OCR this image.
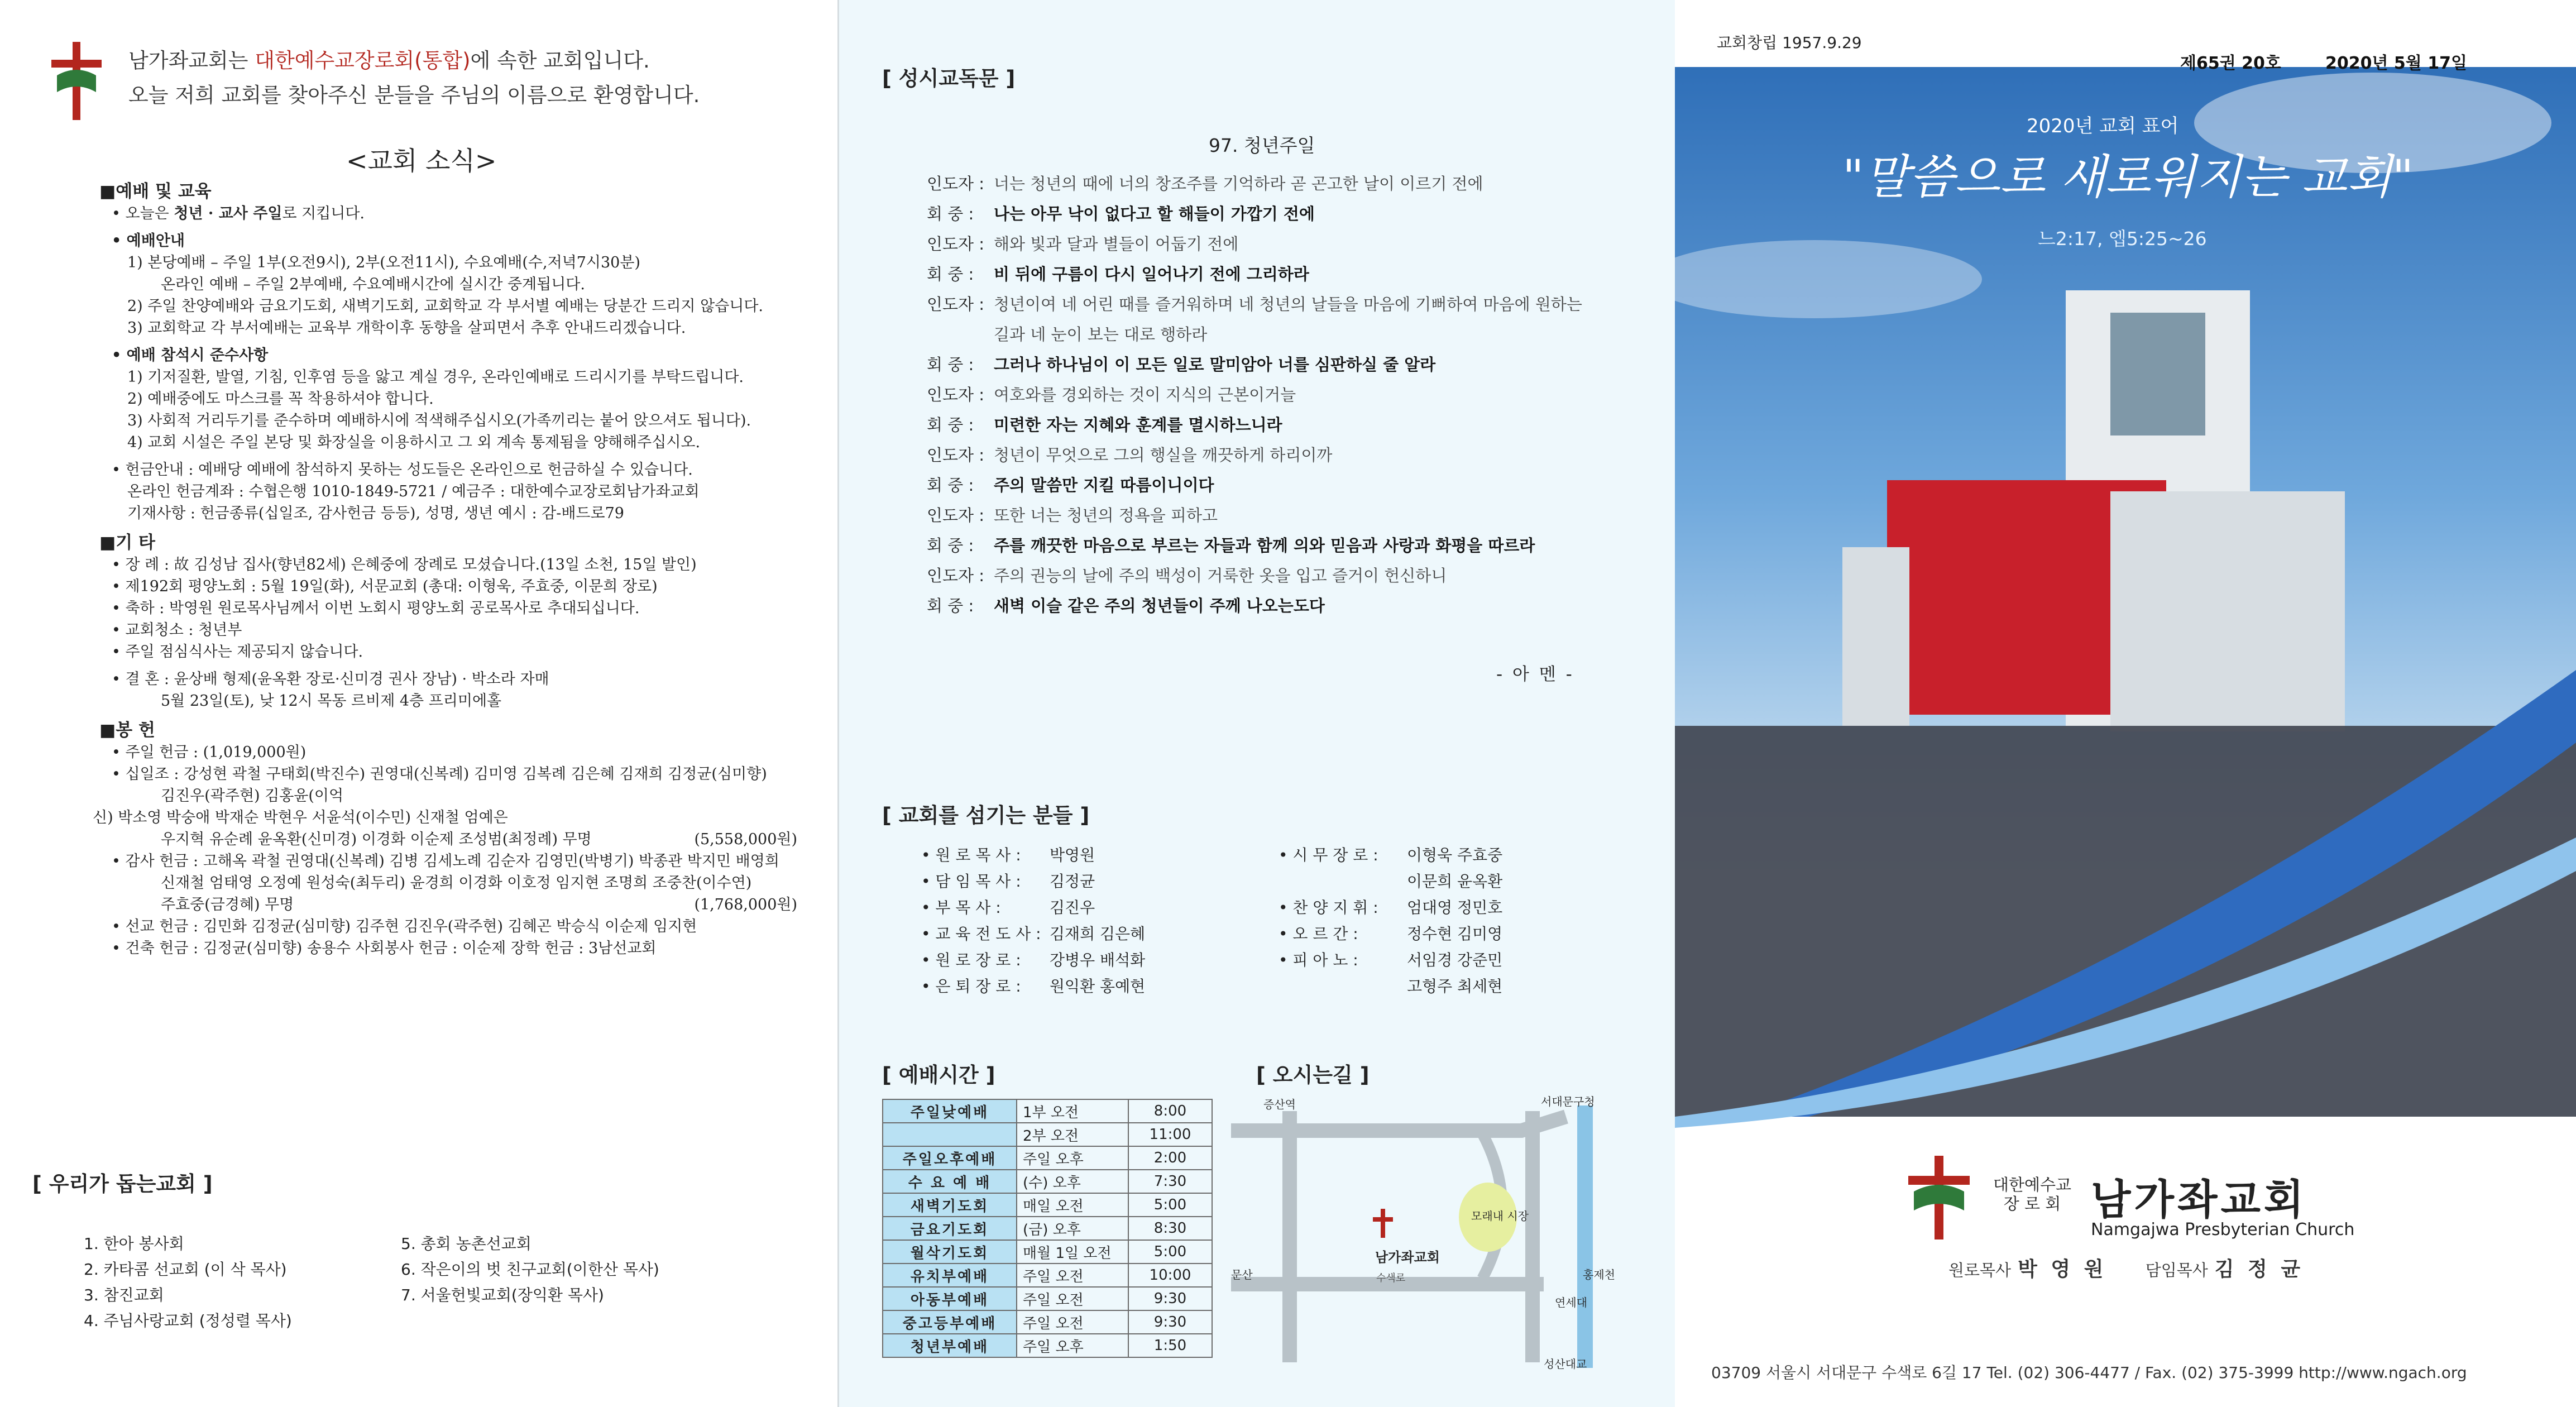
남가좌교회는 대한예수교장로회(통합)에 속한 교회입니다.
오늘 저희 교회를 찾아주신 분들을 주님의 이름으로 환영합니다.
<교회 소식>
■ 예배 및 교육
• 오늘은 청년 · 교사 주일로 지킵니다.
• 예배안내
1) 본당예배 – 주일 1부(오전9시), 2부(오전11시), 수요예배(수,저녁7시30분)
온라인 예배 – 주일 2부예배, 수요예배시간에 실시간 중계됩니다.
2) 주일 찬양예배와 금요기도회, 새벽기도회, 교회학교 각 부서별 예배는 당분간 드리지 않습니다.
3) 교회학교 각 부서예배는 교육부 개학이후 동향을 살피면서 추후 안내드리겠습니다.
• 예배 참석시 준수사항
1) 기저질환, 발열, 기침, 인후염 등을 앓고 계실 경우, 온라인예배로 드리시기를 부탁드립니다.
2) 예배중에도 마스크를 꼭 착용하셔야 합니다.
3) 사회적 거리두기를 준수하며 예배하시에 적색해주십시오(가족끼리는 붙어 앉으셔도 됩니다).
4) 교회 시설은 주일 본당 및 화장실을 이용하시고 그 외 계속 통제됨을 양해해주십시오.
• 헌금안내 : 예배당 예배에 참석하지 못하는 성도들은 온라인으로 헌금하실 수 있습니다.
온라인 헌금계좌 : 수협은행 1010-1849-5721 / 예금주 : 대한예수교장로회남가좌교회
기재사항 : 헌금종류(십일조, 감사헌금 등등), 성명, 생년 예시 : 감-배드로79
■ 기 타
• 장 례 : 故 김성남 집사(향년82세) 은혜중에 장례로 모셨습니다.(13일 소천, 15일 발인)
• 제192회 평양노회 : 5월 19일(화), 서문교회 (총대: 이형욱, 주효중, 이문희 장로)
• 축하 : 박영원 원로목사님께서 이번 노회시 평양노회 공로목사로 추대되십니다.
• 교회청소 : 청년부
• 주일 점심식사는 제공되지 않습니다.
• 결 혼 : 윤상배 형제(윤옥환 장로·신미경 권사 장남) · 박소라 자매
5월 23일(토), 낮 12시 목동 르비제 4층 프리미에홀
■ 봉 헌
• 주일 헌금 : (1,019,000원)
• 십일조 : 강성현 곽철 구태회(박진수) 권영대(신복례) 김미영 김복례 김은혜 김재희 김정균(심미향)
김진우(곽주현) 김홍윤(이억
신) 박소영 박숭애 박재순 박현우 서윤석(이수민) 신재철 엄예은
우지혁 유순례 윤옥환(신미경) 이경화 이순제 조성범(최정례) 무명	(5,558,000원)
• 감사 헌금 : 고해옥 곽철 권영대(신복례) 김병 김세노례 김순자 김영민(박병기) 박종관 박지민 배영희
신재철 엄태영 오정예 원성숙(최두리) 윤경희 이경화 이호정 임지현 조명희 조중찬(이수연)
주효중(금경혜) 무명	(1,768,000원)
• 선교 헌금 : 김민화 김정균(심미향) 김주현 김진우(곽주현) 김혜곤 박승식 이순제 임지현
• 건축 헌금 : 김정균(심미향) 송용수 사회봉사 헌금 : 이순제 장학 헌금 : 3남선교회
[ 우리가 돕는교회 ]
1. 한아 봉사회
2. 카타콤 선교회 (이 삭 목사)
3. 참진교회
4. 주님사랑교회 (정성렬 목사)
5. 총회 농촌선교회
6. 작은이의 벗 친구교회(이한산 목사)
7. 서울헌빛교회(장익환 목사)
[ 성시교독문 ]
97. 청년주일
인도자 : 너는 청년의 때에 너의 창조주를 기억하라 곧 곤고한 날이 이르기 전에
회 중 :	나는 아무 낙이 없다고 할 해들이 가깝기 전에
인도자 : 해와 빛과 달과 별들이 어둡기 전에
회 중 :	비 뒤에 구름이 다시 일어나기 전에 그리하라
인도자 : 청년이여 네 어린 때를 즐거워하며 네 청년의 날들을 마음에 기뻐하여 마음에 원하는
길과 네 눈이 보는 대로 행하라
회 중 :	그러나 하나님이 이 모든 일로 말미암아 너를 심판하실 줄 알라
인도자 : 여호와를 경외하는 것이 지식의 근본이거늘
회 중 :	미련한 자는 지혜와 훈계를 멸시하느니라
인도자 : 청년이 무엇으로 그의 행실을 깨끗하게 하리이까
회 중 :	주의 말씀만 지킬 따름이니이다
인도자 : 또한 너는 청년의 정욕을 피하고
회 중 :	주를 깨끗한 마음으로 부르는 자들과 함께 의와 믿음과 사랑과 화평을 따르라
인도자 : 주의 권능의 날에 주의 백성이 거룩한 옷을 입고 즐거이 헌신하니
회 중 :	새벽 이슬 같은 주의 청년들이 주께 나오는도다
- 아 멘 -
[ 교회를 섬기는 분들 ]
• 원 로 목 사 :	박영원
• 담 임 목 사 :	김정균
• 부 목 사 :	김진우
• 교 육 전 도 사 : 김재희 김은혜
• 원 로 장 로 :	강병우 배석화
• 은 퇴 장 로 :	원익환 홍예현
• 시 무 장 로 :	이형욱 주효중
이문희 윤옥환
• 찬 양 지 휘 :	엄대영 정민호
• 오 르 간 :	정수현 김미영
• 피 아 노 :	서임경 강준민
고형주 최세현
[ 예배시간 ]
주일낮예배	1부 오전	8:00
	2부 오전	11:00
주일오후예배	주일 오후	2:00
수 요 예 배	(수) 오후	7:30
새벽기도회	매일 오전	5:00
금요기도회	(금) 오후	8:30
월삭기도회	매월 1일 오전	5:00
유치부예배	주일 오전	10:00
아동부예배	주일 오전	9:30
중고등부예배	주일 오전	9:30
청년부예배	주일 오후	1:50
[ 오시는길 ]
남가좌교회
모래내 시장
증산역	서대문구청
홍제천
연세대
성산대교
문산	수색로
교회창립 1957.9.29
제65권 20호	2020년 5월 17일
2020년 교회 표어
"말씀으로 새로워지는 교회"
느2:17, 엡5:25~26
대한예수교
장 로 회 남가좌교회
Namgajwa Presbyterian Church
원로목사 박 영 원 담임목사 김 정 균
03709 서울시 서대문구 수색로 6길 17 Tel. (02) 306-4477 / Fax. (02) 375-3999 http://www.ngach.org
